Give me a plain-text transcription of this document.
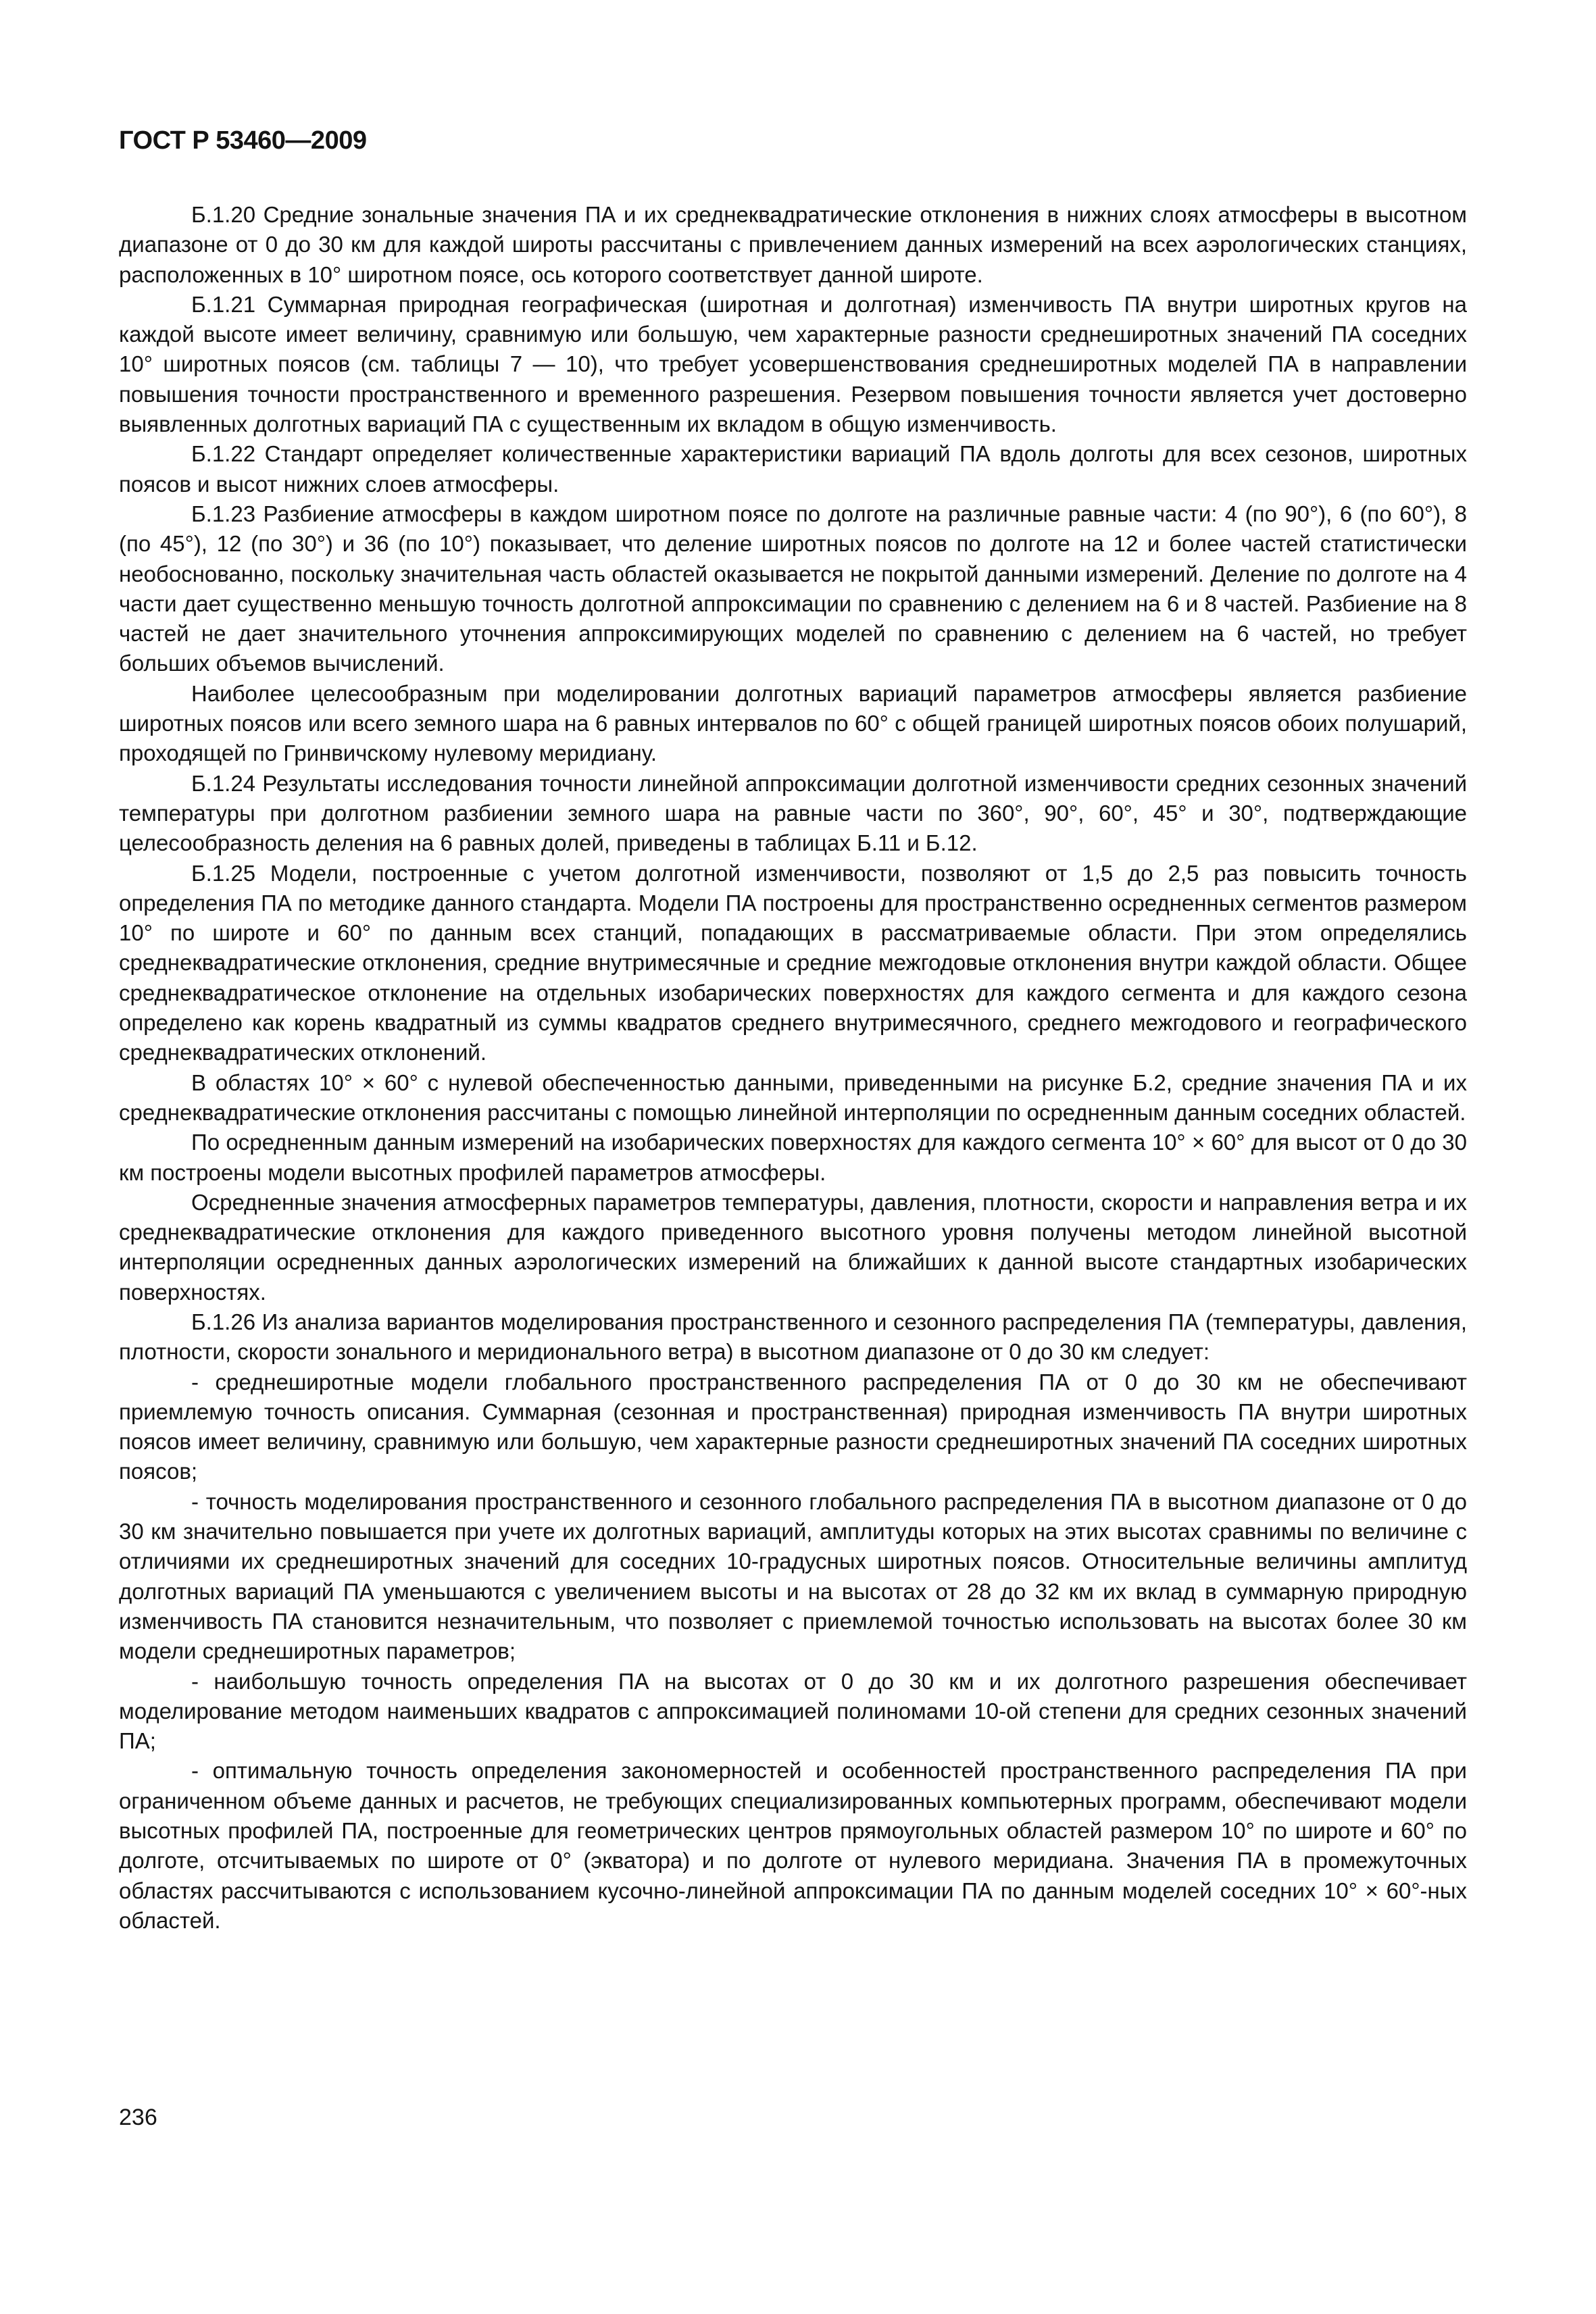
ГОСТ Р 53460—2009

Б.1.20 Средние зональные значения ПА и их среднеквадратические отклонения в нижних слоях атмосферы в высотном диапазоне от 0 до 30 км для каждой широты рассчитаны с привлечением данных измерений на всех аэрологических станциях, расположенных в 10° широтном поясе, ось которого соответствует данной широте.

Б.1.21 Суммарная природная географическая (широтная и долготная) изменчивость ПА внутри широтных кругов на каждой высоте имеет величину, сравнимую или большую, чем характерные разности среднеширотных значений ПА соседних 10° широтных поясов (см. таблицы 7 — 10), что требует усовершенствования среднеширотных моделей ПА в направлении повышения точности пространственного и временного разрешения. Резервом повышения точности является учет достоверно выявленных долготных вариаций ПА с существенным их вкладом в общую изменчивость.

Б.1.22 Стандарт определяет количественные характеристики вариаций ПА вдоль долготы для всех сезонов, широтных поясов и высот нижних слоев атмосферы.

Б.1.23 Разбиение атмосферы в каждом широтном поясе по долготе на различные равные части: 4 (по 90°), 6 (по 60°), 8 (по 45°), 12 (по 30°) и 36 (по 10°) показывает, что деление широтных поясов по долготе на 12 и более частей статистически необоснованно, поскольку значительная часть областей оказывается не покрытой данными измерений. Деление по долготе на 4 части дает существенно меньшую точность долготной аппроксимации по сравнению с делением на 6 и 8 частей. Разбиение на 8 частей не дает значительного уточнения аппроксимирующих моделей по сравнению с делением на 6 частей, но требует больших объемов вычислений.

Наиболее целесообразным при моделировании долготных вариаций параметров атмосферы является разбиение широтных поясов или всего земного шара на 6 равных интервалов по 60° с общей границей широтных поясов обоих полушарий, проходящей по Гринвичскому нулевому меридиану.

Б.1.24 Результаты исследования точности линейной аппроксимации долготной изменчивости средних сезонных значений температуры при долготном разбиении земного шара на равные части по 360°, 90°, 60°, 45° и 30°, подтверждающие целесообразность деления на 6 равных долей, приведены в таблицах Б.11 и Б.12.

Б.1.25 Модели, построенные с учетом долготной изменчивости, позволяют от 1,5 до 2,5 раз повысить точность определения ПА по методике данного стандарта. Модели ПА построены для пространственно осредненных сегментов размером 10° по широте и 60° по данным всех станций, попадающих в рассматриваемые области. При этом определялись среднеквадратические отклонения, средние внутримесячные и средние межгодовые отклонения внутри каждой области. Общее среднеквадратическое отклонение на отдельных изобарических поверхностях для каждого сегмента и для каждого сезона определено как корень квадратный из суммы квадратов среднего внутримесячного, среднего межгодового и географического среднеквадратических отклонений.

В областях 10° × 60° с нулевой обеспеченностью данными, приведенными на рисунке Б.2, средние значения ПА и их среднеквадратические отклонения рассчитаны с помощью линейной интерполяции по осредненным данным соседних областей.

По осредненным данным измерений на изобарических поверхностях для каждого сегмента 10° × 60° для высот от 0 до 30 км построены модели высотных профилей параметров атмосферы.

Осредненные значения атмосферных параметров температуры, давления, плотности, скорости и направления ветра и их среднеквадратические отклонения для каждого приведенного высотного уровня получены методом линейной высотной интерполяции осредненных данных аэрологических измерений на ближайших к данной высоте стандартных изобарических поверхностях.

Б.1.26 Из анализа вариантов моделирования пространственного и сезонного распределения ПА (температуры, давления, плотности, скорости зонального и меридионального ветра) в высотном диапазоне от 0 до 30 км следует:

- среднеширотные модели глобального пространственного распределения ПА от 0 до 30 км не обеспечивают приемлемую точность описания. Суммарная (сезонная и пространственная) природная изменчивость ПА внутри широтных поясов имеет величину, сравнимую или большую, чем характерные разности среднеширотных значений ПА соседних широтных поясов;

- точность моделирования пространственного и сезонного глобального распределения ПА в высотном диапазоне от 0 до 30 км значительно повышается при учете их долготных вариаций, амплитуды которых на этих высотах сравнимы по величине с отличиями их среднеширотных значений для соседних 10-градусных широтных поясов. Относительные величины амплитуд долготных вариаций ПА уменьшаются с увеличением высоты и на высотах от 28 до 32 км их вклад в суммарную природную изменчивость ПА становится незначительным, что позволяет с приемлемой точностью использовать на высотах более 30 км модели среднеширотных параметров;

- наибольшую точность определения ПА на высотах от 0 до 30 км и их долготного разрешения обеспечивает моделирование методом наименьших квадратов с аппроксимацией полиномами 10-ой степени для средних сезонных значений ПА;

- оптимальную точность определения закономерностей и особенностей пространственного распределения ПА при ограниченном объеме данных и расчетов, не требующих специализированных компьютерных программ, обеспечивают модели высотных профилей ПА, построенные для геометрических центров прямоугольных областей размером 10° по широте и 60° по долготе, отсчитываемых по широте от 0° (экватора) и по долготе от нулевого меридиана. Значения ПА в промежуточных областях рассчитываются с использованием кусочно-линейной аппроксимации ПА по данным моделей соседних 10° × 60°-ных областей.

236
